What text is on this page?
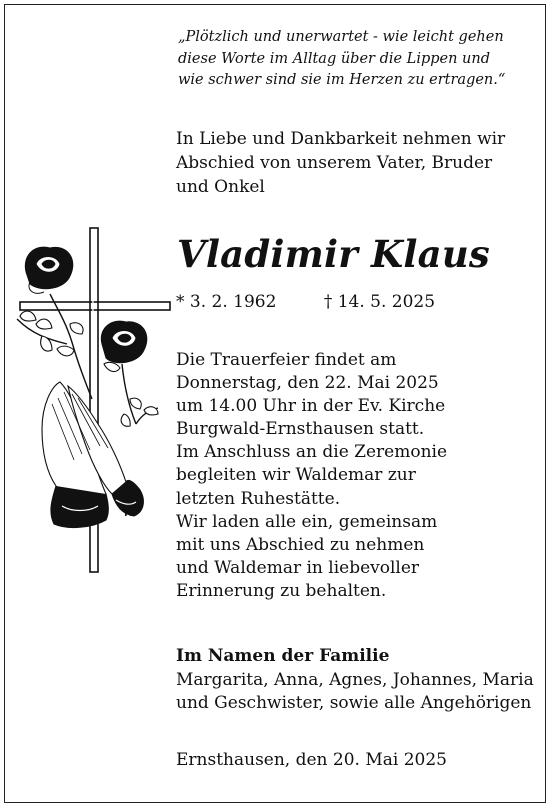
„Plötzlich und unerwartet - wie leicht gehen
diese Worte im Alltag über die Lippen und
wie schwer sind sie im Herzen zu ertragen.“
In Liebe und Dankbarkeit nehmen wir
Abschied von unserem Vater, Bruder
und Onkel
Vladimir Klaus
* 3. 2. 1962	† 14. 5. 2025
Die Trauerfeier findet am
Donnerstag, den 22. Mai 2025
um 14.00 Uhr in der Ev. Kirche
Burgwald-Ernsthausen statt.
Im Anschluss an die Zeremonie
begleiten wir Waldemar zur
letzten Ruhestätte.
Wir laden alle ein, gemeinsam
mit uns Abschied zu nehmen
und Waldemar in liebevoller
Erinnerung zu behalten.
Im Namen der Familie
Margarita, Anna, Agnes, Johannes, Maria
und Geschwister, sowie alle Angehörigen
Ernsthausen, den 20. Mai 2025
ꟽ
